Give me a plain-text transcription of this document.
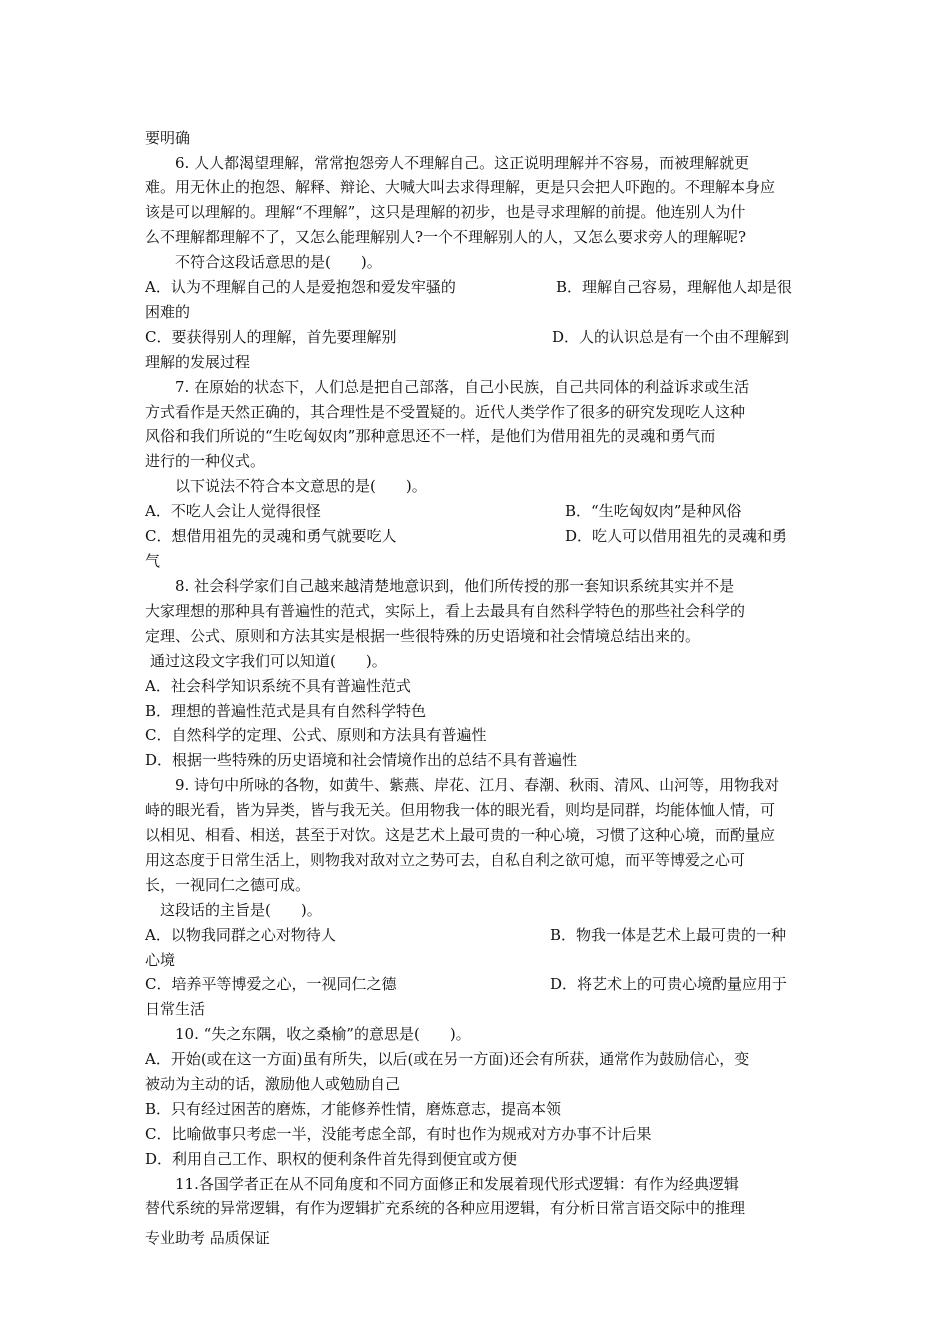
要明确
6. 人人都渴望理解，常常抱怨旁人不理解自己。这正说明理解并不容易，而被理解就更
难。用无休止的抱怨、解释、辩论、大喊大叫去求得理解，更是只会把人吓跑的。不理解本身应
该是可以理解的。理解“不理解”，这只是理解的初步，也是寻求理解的前提。他连别人为什
么不理解都理解不了，又怎么能理解别人?一个不理解别人的人，又怎么要求旁人的理解呢?
不符合这段话意思的是(　　)。
A．认为不理解自己的人是爱抱怨和爱发牢骚的	B．理解自己容易，理解他人却是很
困难的
C．要获得别人的理解，首先要理解别	D．人的认识总是有一个由不理解到
理解的发展过程
7. 在原始的状态下，人们总是把自己部落，自己小民族，自己共同体的利益诉求或生活
方式看作是天然正确的，其合理性是不受置疑的。近代人类学作了很多的研究发现吃人这种
风俗和我们所说的“生吃匈奴肉”那种意思还不一样，是他们为借用祖先的灵魂和勇气而
进行的一种仪式。
以下说法不符合本文意思的是(　　)。
A．不吃人会让人觉得很怪	B．“生吃匈奴肉”是种风俗
C．想借用祖先的灵魂和勇气就要吃人	D．吃人可以借用祖先的灵魂和勇
气
8. 社会科学家们自己越来越清楚地意识到，他们所传授的那一套知识系统其实并不是
大家理想的那种具有普遍性的范式，实际上，看上去最具有自然科学特色的那些社会科学的
定理、公式、原则和方法其实是根据一些很特殊的历史语境和社会情境总结出来的。
通过这段文字我们可以知道(　　)。
A．社会科学知识系统不具有普遍性范式
B．理想的普遍性范式是具有自然科学特色
C．自然科学的定理、公式、原则和方法具有普遍性
D．根据一些特殊的历史语境和社会情境作出的总结不具有普遍性
9. 诗句中所咏的各物，如黄牛、紫燕、岸花、江月、春潮、秋雨、清风、山河等，用物我对
峙的眼光看，皆为异类，皆与我无关。但用物我一体的眼光看，则均是同群，均能体恤人情，可
以相见、相看、相送，甚至于对饮。这是艺术上最可贵的一种心境，习惯了这种心境，而酌量应
用这态度于日常生活上，则物我对敌对立之势可去，自私自利之欲可熄，而平等博爱之心可
长，一视同仁之德可成。
这段话的主旨是(　　)。
A．以物我同群之心对物待人	B．物我一体是艺术上最可贵的一种
心境
C．培养平等博爱之心，一视同仁之德	D．将艺术上的可贵心境酌量应用于
日常生活
10. “失之东隅，收之桑榆”的意思是(　　)。
A．开始(或在这一方面)虽有所失，以后(或在另一方面)还会有所获，通常作为鼓励信心，变
被动为主动的话，激励他人或勉励自己
B．只有经过困苦的磨炼，才能修养性情，磨炼意志，提高本领
C．比喻做事只考虑一半，没能考虑全部，有时也作为规戒对方办事不计后果
D．利用自己工作、职权的便利条件首先得到便宜或方便
11.各国学者正在从不同角度和不同方面修正和发展着现代形式逻辑：有作为经典逻辑
替代系统的异常逻辑，有作为逻辑扩充系统的各种应用逻辑，有分析日常言语交际中的推理
专业助考 品质保证
